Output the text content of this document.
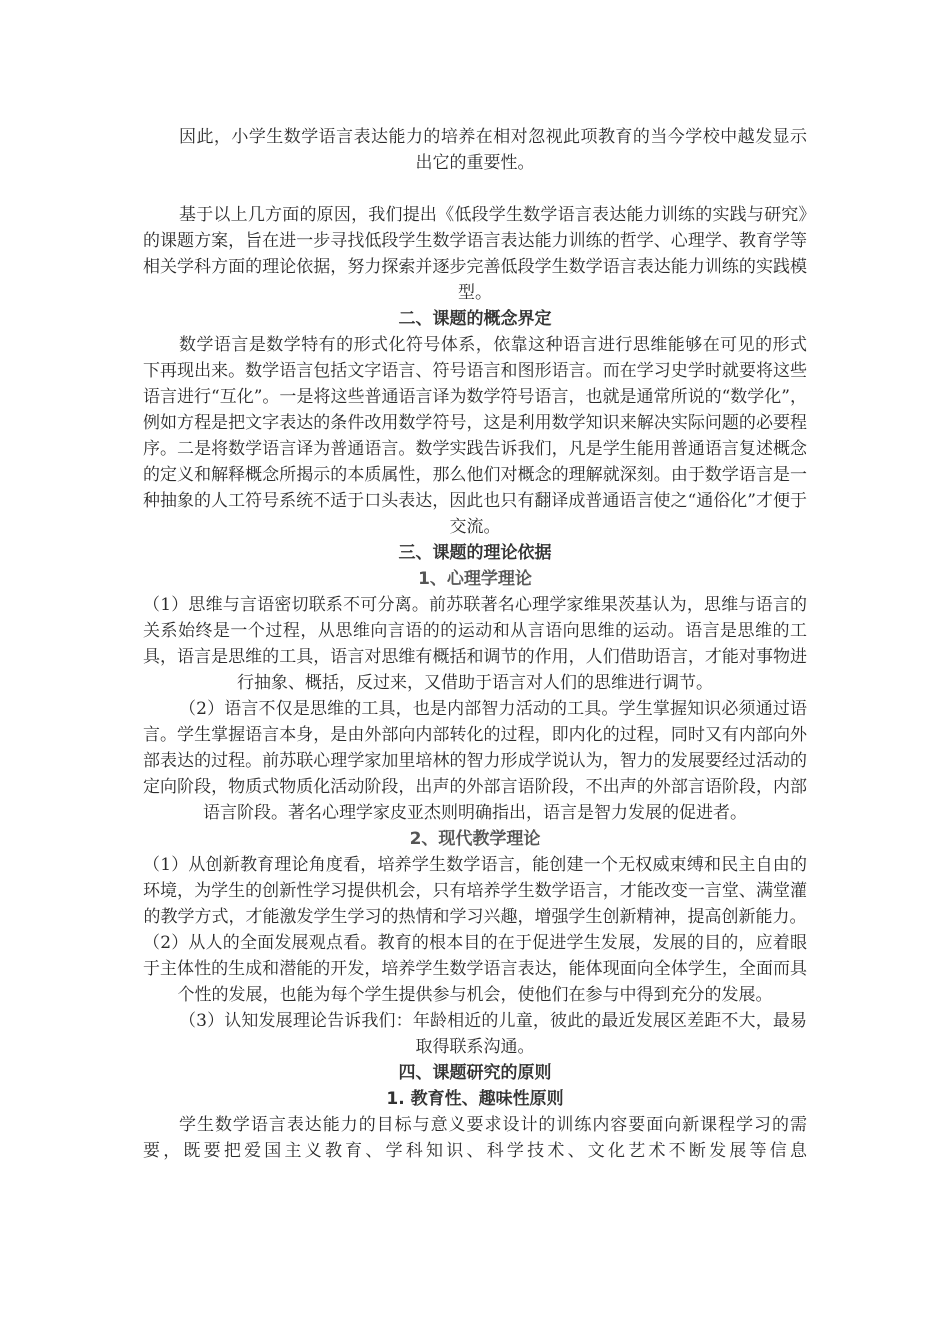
因此，小学生数学语言表达能力的培养在相对忽视此项教育的当今学校中越发显示出它的重要性。

基于以上几方面的原因，我们提出《低段学生数学语言表达能力训练的实践与研究》的课题方案，旨在进一步寻找低段学生数学语言表达能力训练的哲学、心理学、教育学等相关学科方面的理论依据，努力探索并逐步完善低段学生数学语言表达能力训练的实践模型。

二、课题的概念界定

数学语言是数学特有的形式化符号体系，依靠这种语言进行思维能够在可见的形式下再现出来。数学语言包括文字语言、符号语言和图形语言。而在学习史学时就要将这些语言进行“互化”。一是将这些普通语言译为数学符号语言，也就是通常所说的“数学化”，例如方程是把文字表达的条件改用数学符号，这是利用数学知识来解决实际问题的必要程序。二是将数学语言译为普通语言。数学实践告诉我们，凡是学生能用普通语言复述概念的定义和解释概念所揭示的本质属性，那么他们对概念的理解就深刻。由于数学语言是一种抽象的人工符号系统不适于口头表达，因此也只有翻译成普通语言使之“通俗化”才便于交流。

三、课题的理论依据

1、心理学理论

（1）思维与言语密切联系不可分离。前苏联著名心理学家维果茨基认为，思维与语言的关系始终是一个过程，从思维向言语的的运动和从言语向思维的运动。语言是思维的工具，语言是思维的工具，语言对思维有概括和调节的作用，人们借助语言，才能对事物进行抽象、概括，反过来，又借助于语言对人们的思维进行调节。

（2）语言不仅是思维的工具，也是内部智力活动的工具。学生掌握知识必须通过语言。学生掌握语言本身，是由外部向内部转化的过程，即内化的过程，同时又有内部向外部表达的过程。前苏联心理学家加里培林的智力形成学说认为，智力的发展要经过活动的定向阶段，物质式物质化活动阶段，出声的外部言语阶段，不出声的外部言语阶段，内部语言阶段。著名心理学家皮亚杰则明确指出，语言是智力发展的促进者。

2、现代教学理论

（1）从创新教育理论角度看，培养学生数学语言，能创建一个无权威束缚和民主自由的环境，为学生的创新性学习提供机会，只有培养学生数学语言，才能改变一言堂、满堂灌的教学方式，才能激发学生学习的热情和学习兴趣，增强学生创新精神，提高创新能力。

（2）从人的全面发展观点看。教育的根本目的在于促进学生发展，发展的目的，应着眼于主体性的生成和潜能的开发，培养学生数学语言表达，能体现面向全体学生，全面而具个性的发展，也能为每个学生提供参与机会，使他们在参与中得到充分的发展。

（3）认知发展理论告诉我们：年龄相近的儿童，彼此的最近发展区差距不大，最易取得联系沟通。

四、课题研究的原则

1. 教育性、趣味性原则

学生数学语言表达能力的目标与意义要求设计的训练内容要面向新课程学习的需要，既要把爱国主义教育、学科知识、科学技术、文化艺术不断发展等信息
